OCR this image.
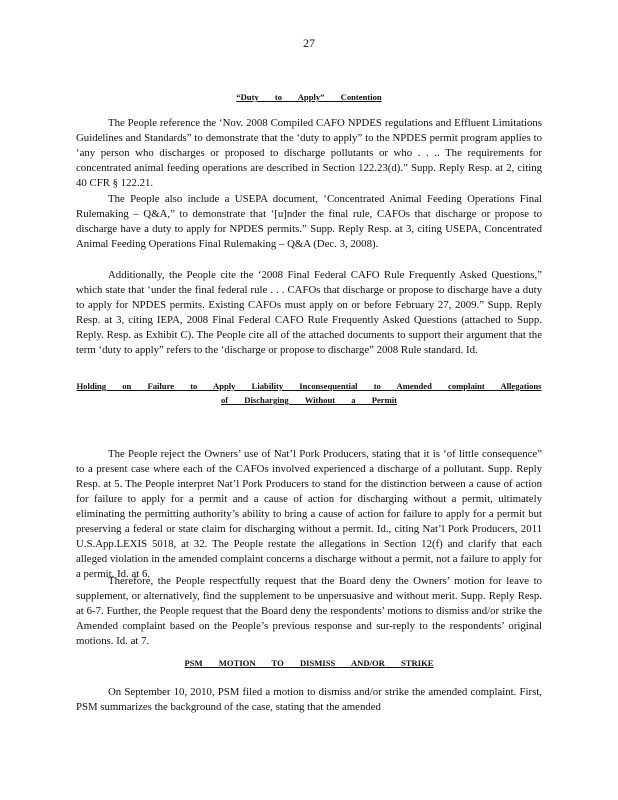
27
“Duty to Apply” Contention

The People reference the ‘Nov. 2008 Compiled CAFO NPDES regulations and Effluent Limitations Guidelines and Standards” to demonstrate that the ‘duty to apply” to the NPDES permit program applies to ‘any person who discharges or proposed to discharge pollutants or who . . .. The requirements for concentrated animal feeding operations are described in Section 122.23(d).” Supp. Reply Resp. at 2, citing 40 CFR § 122.21.

The People also include a USEPA document, ‘Concentrated Animal Feeding Operations Final Rulemaking – Q&A,” to demonstrate that ‘[u]nder the final rule, CAFOs that discharge or propose to discharge have a duty to apply for NPDES permits.” Supp. Reply Resp. at 3, citing USEPA, Concentrated Animal Feeding Operations Final Rulemaking – Q&A (Dec. 3, 2008).

Additionally, the People cite the ‘2008 Final Federal CAFO Rule Frequently Asked Questions,” which state that ‘under the final federal rule . . . CAFOs that discharge or propose to discharge have a duty to apply for NPDES permits. Existing CAFOs must apply on or before February 27, 2009.” Supp. Reply Resp. at 3, citing IEPA, 2008 Final Federal CAFO Rule Frequently Asked Questions (attached to Supp. Reply. Resp. as Exhibit C). The People cite all of the attached documents to support their argument that the term ‘duty to apply” refers to the ‘discharge or propose to discharge” 2008 Rule standard. Id.

Holding on Failure to Apply Liability Inconsequential to Amended complaint Allegations
of Discharging Without a Permit

The People reject the Owners’ use of Nat’l Pork Producers, stating that it is ‘of little consequence” to a present case where each of the CAFOs involved experienced a discharge of a pollutant. Supp. Reply Resp. at 5. The People interpret Nat’l Pork Producers to stand for the distinction between a cause of action for failure to apply for a permit and a cause of action for discharging without a permit, ultimately eliminating the permitting authority’s ability to bring a cause of action for failure to apply for a permit but preserving a federal or state claim for discharging without a permit. Id., citing Nat’l Pork Producers, 2011 U.S.App.LEXIS 5018, at 32. The People restate the allegations in Section 12(f) and clarify that each alleged violation in the amended complaint concerns a discharge without a permit, not a failure to apply for a permit. Id. at 6.

Therefore, the People respectfully request that the Board deny the Owners’ motion for leave to supplement, or alternatively, find the supplement to be unpersuasive and without merit. Supp. Reply Resp. at 6-7. Further, the People request that the Board deny the respondents’ motions to dismiss and/or strike the Amended complaint based on the People’s previous response and sur-reply to the respondents’ original motions. Id. at 7.

PSM MOTION TO DISMISS AND/OR STRIKE

On September 10, 2010, PSM filed a motion to dismiss and/or strike the amended complaint. First, PSM summarizes the background of the case, stating that the amended
